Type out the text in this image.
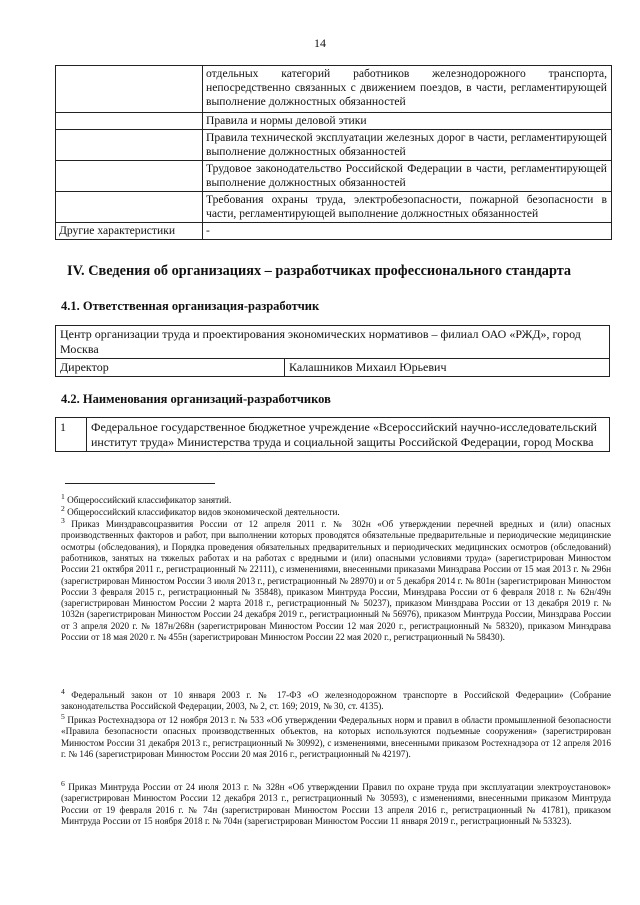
14
	отдельных категорий работников железнодорожного транспорта, непосредственно связанных с движением поездов, в части, регламентирующей выполнение должностных обязанностей
	Правила и нормы деловой этики
	Правила технической эксплуатации железных дорог в части, регламентирующей выполнение должностных обязанностей
	Трудовое законодательство Российской Федерации в части, регламентирующей выполнение должностных обязанностей
	Требования охраны труда, электробезопасности, пожарной безопасности в части, регламентирующей выполнение должностных обязанностей
Другие характеристики	-
IV. Сведения об организациях – разработчиках профессионального стандарта
4.1. Ответственная организация-разработчик
Центр организации труда и проектирования экономических нормативов – филиал ОАО «РЖД», город Москва
Директор	Калашников Михаил Юрьевич
4.2. Наименования организаций-разработчиков
1	Федеральное государственное бюджетное учреждение «Всероссийский научно-исследовательский институт труда» Министерства труда и социальной защиты Российской Федерации, город Москва
$^1$ Общероссийский классификатор занятий.
$^2$ Общероссийский классификатор видов экономической деятельности.
$^3$ Приказ Минздравсоцразвития России от 12 апреля 2011 г. № 302н «Об утверждении перечней вредных и (или) опасных производственных факторов и работ, при выполнении которых проводятся обязательные предварительные и периодические медицинские осмотры (обследования), и Порядка проведения обязательных предварительных и периодических медицинских осмотров (обследований) работников, занятых на тяжелых работах и на работах с вредными и (или) опасными условиями труда» (зарегистрирован Минюстом России 21 октября 2011 г., регистрационный № 22111), с изменениями, внесенными приказами Минздрава России от 15 мая 2013 г. № 296н (зарегистрирован Минюстом России 3 июля 2013 г., регистрационный № 28970) и от 5 декабря 2014 г. № 801н (зарегистрирован Минюстом России 3 февраля 2015 г., регистрационный № 35848), приказом Минтруда России, Минздрава России от 6 февраля 2018 г. № 62н/49н (зарегистрирован Минюстом России 2 марта 2018 г., регистрационный № 50237), приказом Минздрава России от 13 декабря 2019 г. № 1032н (зарегистрирован Минюстом России 24 декабря 2019 г., регистрационный № 56976), приказом Минтруда России, Минздрава России от 3 апреля 2020 г. № 187н/268н (зарегистрирован Минюстом России 12 мая 2020 г., регистрационный № 58320), приказом Минздрава России от 18 мая 2020 г. № 455н (зарегистрирован Минюстом России 22 мая 2020 г., регистрационный № 58430).
$^4$ Федеральный закон от 10 января 2003 г. № 17-ФЗ «О железнодорожном транспорте в Российской Федерации» (Собрание законодательства Российской Федерации, 2003, № 2, ст. 169; 2019, № 30, ст. 4135).
$^5$ Приказ Ростехнадзора от 12 ноября 2013 г. № 533 «Об утверждении Федеральных норм и правил в области промышленной безопасности «Правила безопасности опасных производственных объектов, на которых используются подъемные сооружения» (зарегистрирован Минюстом России 31 декабря 2013 г., регистрационный № 30992), с изменениями, внесенными приказом Ростехнадзора от 12 апреля 2016 г. № 146 (зарегистрирован Минюстом России 20 мая 2016 г., регистрационный № 42197).
$^6$ Приказ Минтруда России от 24 июля 2013 г. № 328н «Об утверждении Правил по охране труда при эксплуатации электроустановок» (зарегистрирован Минюстом России 12 декабря 2013 г., регистрационный № 30593), с изменениями, внесенными приказом Минтруда России от 19 февраля 2016 г. № 74н (зарегистрирован Минюстом России 13 апреля 2016 г., регистрационный № 41781), приказом Минтруда России от 15 ноября 2018 г. № 704н (зарегистрирован Минюстом России 11 января 2019 г., регистрационный № 53323).
